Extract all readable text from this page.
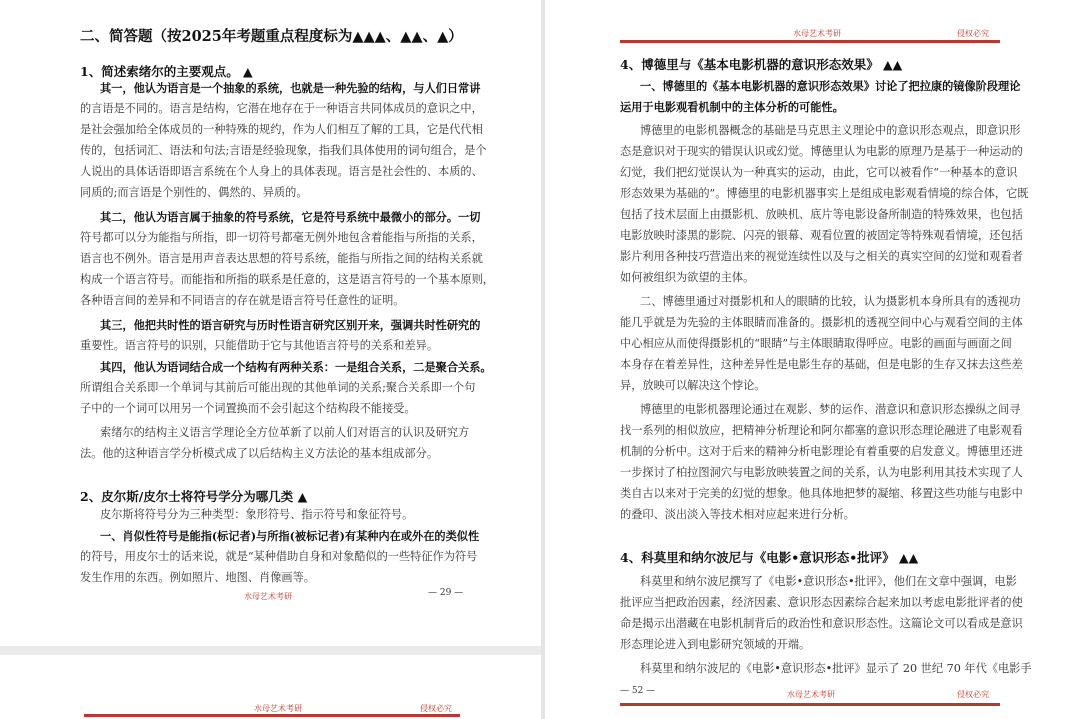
二、简答题（按2025年考题重点程度标为▲▲▲、▲▲、▲）
1、简述索绪尔的主要观点。 ▲
其一，他认为语言是一个抽象的系统，也就是一种先验的结构，与人们日常讲
的言语是不同的。语言是结构，它潜在地存在于一种语言共同体成员的意识之中，
是社会强加给全体成员的一种特殊的规约，作为人们相互了解的工具，它是代代相
传的，包括词汇、语法和句法;言语是经验现象，指我们具体使用的词句组合，是个
人说出的具体话语即语言系统在个人身上的具体表现。语言是社会性的、本质的、
同质的;而言语是个别性的、偶然的、异质的。
其二，他认为语言属于抽象的符号系统，它是符号系统中最微小的部分。一切
符号都可以分为能指与所指，即一切符号都毫无例外地包含着能指与所指的关系，
语言也不例外。语言是用声音表达思想的符号系统，能指与所指之间的结构关系就
构成一个语言符号。而能指和所指的联系是任意的，这是语言符号的一个基本原则，
各种语言间的差异和不同语言的存在就是语言符号任意性的证明。
其三，他把共时性的语言研究与历时性语言研究区别开来，强调共时性研究的
重要性。语言符号的识别，只能借助于它与其他语言符号的关系和差异。
其四，他认为语词结合成一个结构有两种关系：一是组合关系，二是聚合关系。
所谓组合关系即一个单词与其前后可能出现的其他单词的关系;聚合关系即一个句
子中的一个词可以用另一个词置换而不会引起这个结构段不能接受。
索绪尔的结构主义语言学理论全方位革新了以前人们对语言的认识及研究方
法。他的这种语言学分析模式成了以后结构主义方法论的基本组成部分。
2、皮尔斯/皮尔士将符号学分为哪几类 ▲
皮尔斯将符号分为三种类型：象形符号、指示符号和象征符号。
一、肖似性符号是能指(标记者)与所指(被标记者)有某种内在或外在的类似性
的符号，用皮尔士的话来说，就是“某种借助自身和对象酷似的一些特征作为符号
发生作用的东西。例如照片、地图、肖像画等。
水母艺术考研	— 29 —
水母艺术考研	侵权必究
水母艺术考研	侵权必究
4、博德里与《基本电影机器的意识形态效果》 ▲▲
一、博德里的《基本电影机器的意识形态效果》讨论了把拉康的镜像阶段理论
运用于电影观看机制中的主体分析的可能性。
博德里的电影机器概念的基础是马克思主义理论中的意识形态观点，即意识形
态是意识对于现实的错误认识或幻觉。博德里认为电影的原理乃是基于一种运动的
幻觉，我们把幻觉误认为一种真实的运动，由此，它可以被看作“一种基本的意识
形态效果为基础的”。博德里的电影机器事实上是组成电影观看情境的综合体，它既
包括了技术层面上由摄影机、放映机、底片等电影设备所制造的特殊效果，也包括
电影放映时漆黑的影院、闪亮的银幕、观看位置的被固定等特殊观看情境，还包括
影片利用各种技巧营造出来的视觉连续性以及与之相关的真实空间的幻觉和观看者
如何被组织为欲望的主体。
二、博德里通过对摄影机和人的眼睛的比较，认为摄影机本身所具有的透视功
能几乎就是为先验的主体眼睛而准备的。摄影机的透视空间中心与观看空间的主体
中心相应从而使得摄影机的“眼睛”与主体眼睛取得呼应。电影的画面与画面之间
本身存在着差异性，这种差异性是电影生存的基础，但是电影的生存又抹去这些差
异，放映可以解决这个悖论。
博德里的电影机器理论通过在观影、梦的运作、潜意识和意识形态操纵之间寻
找一系列的相似放应，把精神分析理论和阿尔都塞的意识形态理论融进了电影观看
机制的分析中。这对于后来的精神分析电影理论有着重要的启发意义。博德里还进
一步探讨了柏拉图洞穴与电影放映装置之间的关系，认为电影利用其技术实现了人
类自古以来对于完美的幻觉的想象。他具体地把梦的凝缩、移置这些功能与电影中
的叠印、淡出淡入等技术相对应起来进行分析。
4、科莫里和纳尔波尼与《电影•意识形态•批评》 ▲▲
科莫里和纳尔波尼撰写了《电影•意识形态•批评》，他们在文章中强调，电影
批评应当把政治因素，经济因素、意识形态因素综合起来加以考虑电影批评者的使
命是揭示出潜藏在电影机制背后的政治性和意识形态性。这篇论文可以看成是意识
形态理论进入到电影研究领域的开端。
科莫里和纳尔波尼的《电影•意识形态•批评》显示了 20 世纪 70 年代《电影手
— 52 —	水母艺术考研	侵权必究
